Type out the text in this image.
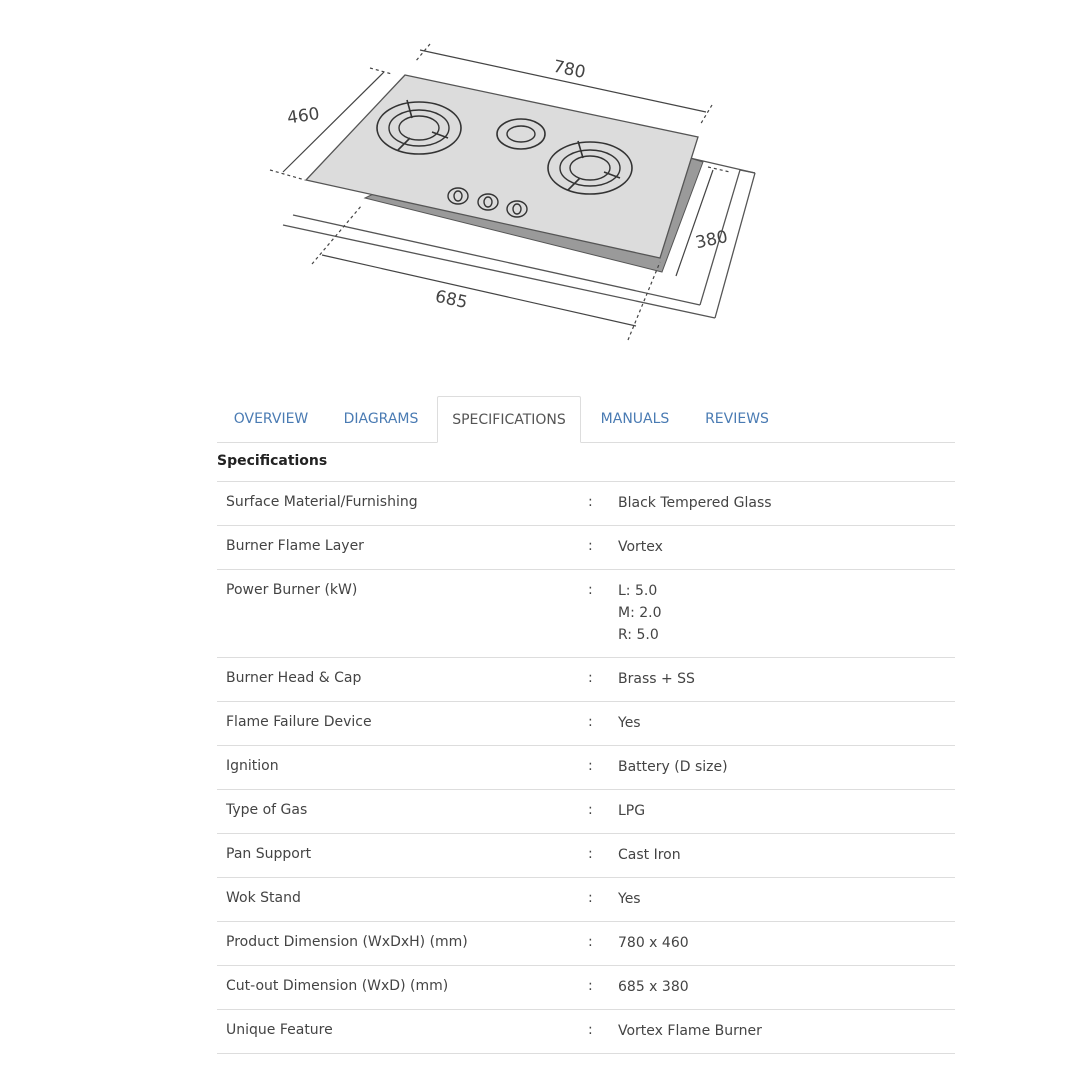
780
460
685
380
OVERVIEW	DIAGRAMS	SPECIFICATIONS	MANUALS	REVIEWS
Specifications
Surface Material/Furnishing	: Black Tempered Glass
Burner Flame Layer	: Vortex
Power Burner (kW)	: L: 5.0
M: 2.0
R: 5.0
Burner Head & Cap	: Brass + SS
Flame Failure Device	: Yes
Ignition	: Battery (D size)
Type of Gas	: LPG
Pan Support	: Cast Iron
Wok Stand	: Yes
Product Dimension (WxDxH) (mm)	: 780 x 460
Cut-out Dimension (WxD) (mm)	: 685 x 380
Unique Feature	: Vortex Flame Burner
